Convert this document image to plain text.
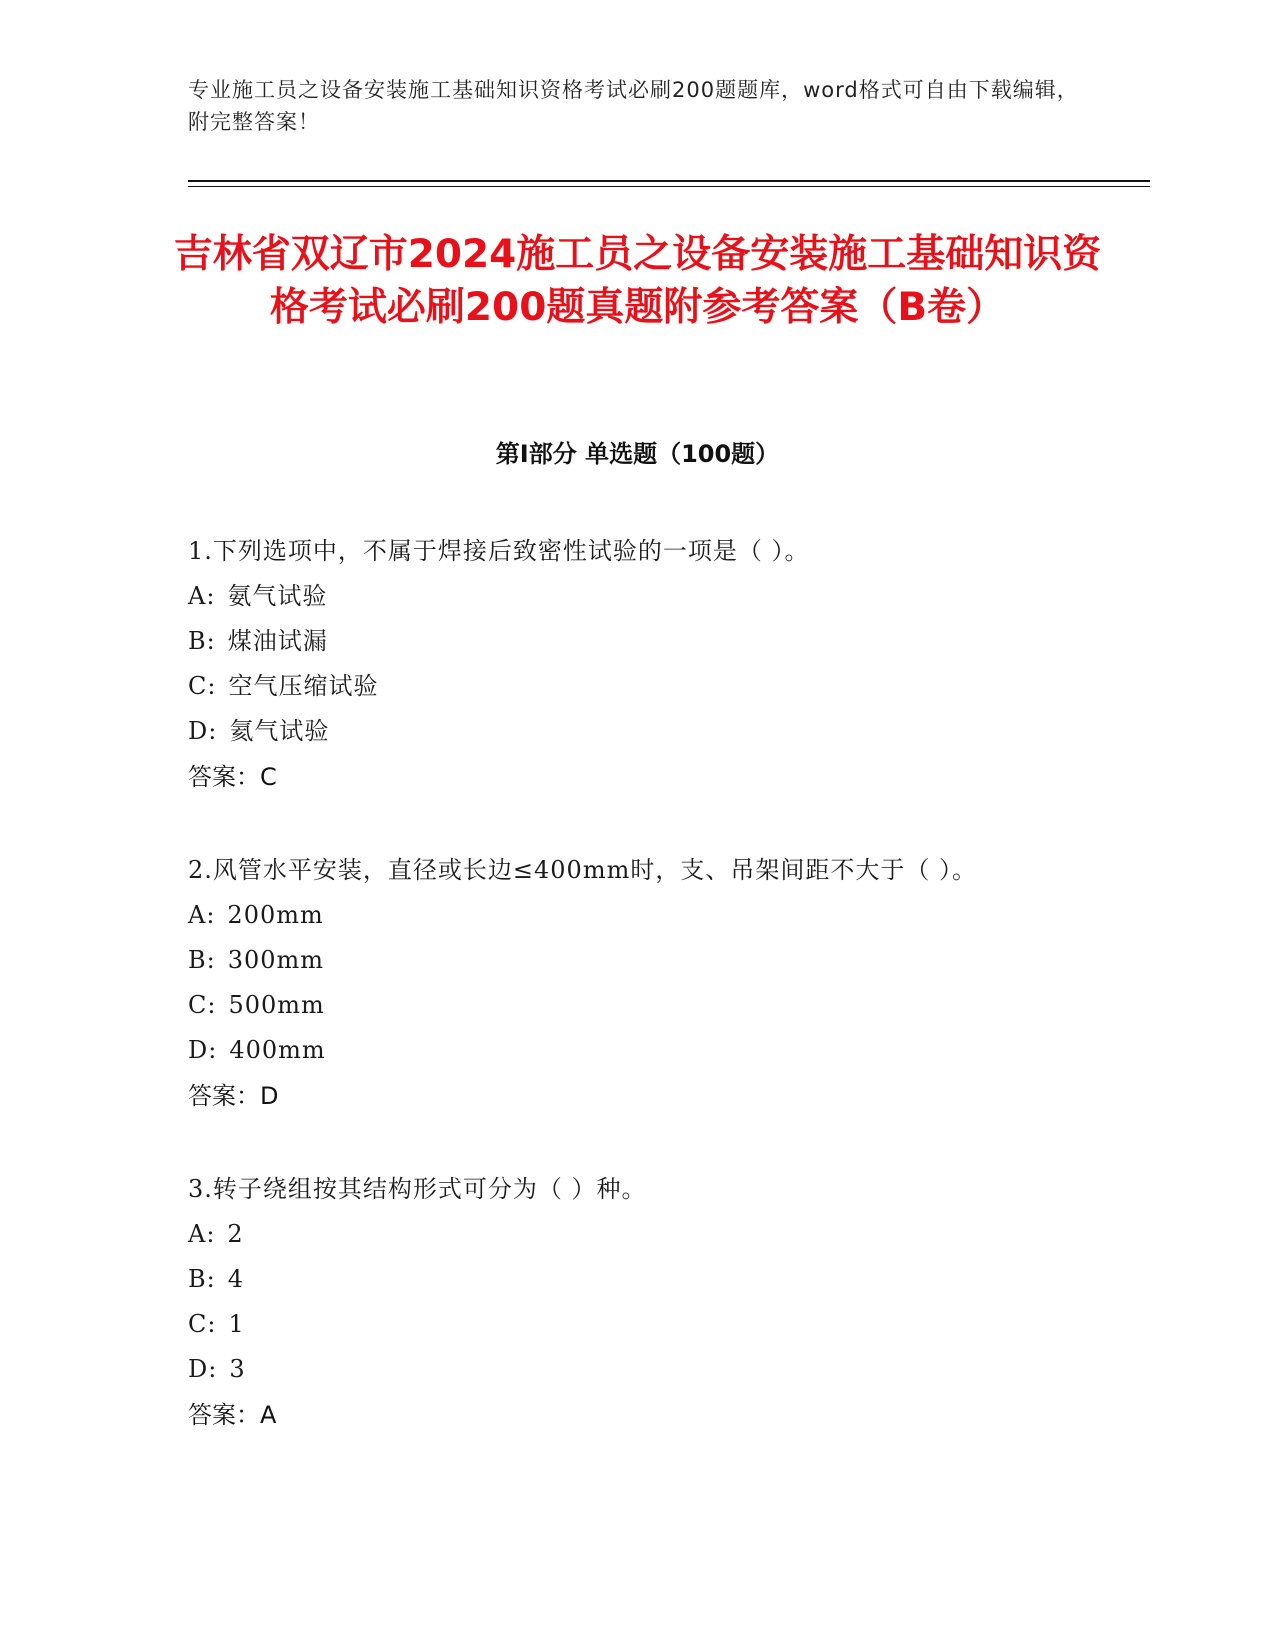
专业施工员之设备安装施工基础知识资格考试必刷200题题库，word格式可自由下载编辑，附完整答案！
吉林省双辽市2024施工员之设备安装施工基础知识资格考试必刷200题真题附参考答案（B卷）
第Ⅰ部分 单选题（100题）
1.下列选项中，不属于焊接后致密性试验的一项是（ ）。
A: 氨气试验
B: 煤油试漏
C: 空气压缩试验
D: 氦气试验
答案：C
2.风管水平安装，直径或长边≤400mm时，支、吊架间距不大于（ ）。
A: 200mm
B: 300mm
C: 500mm
D: 400mm
答案：D
3.转子绕组按其结构形式可分为（ ）种。
A: 2
B: 4
C: 1
D: 3
答案：A
